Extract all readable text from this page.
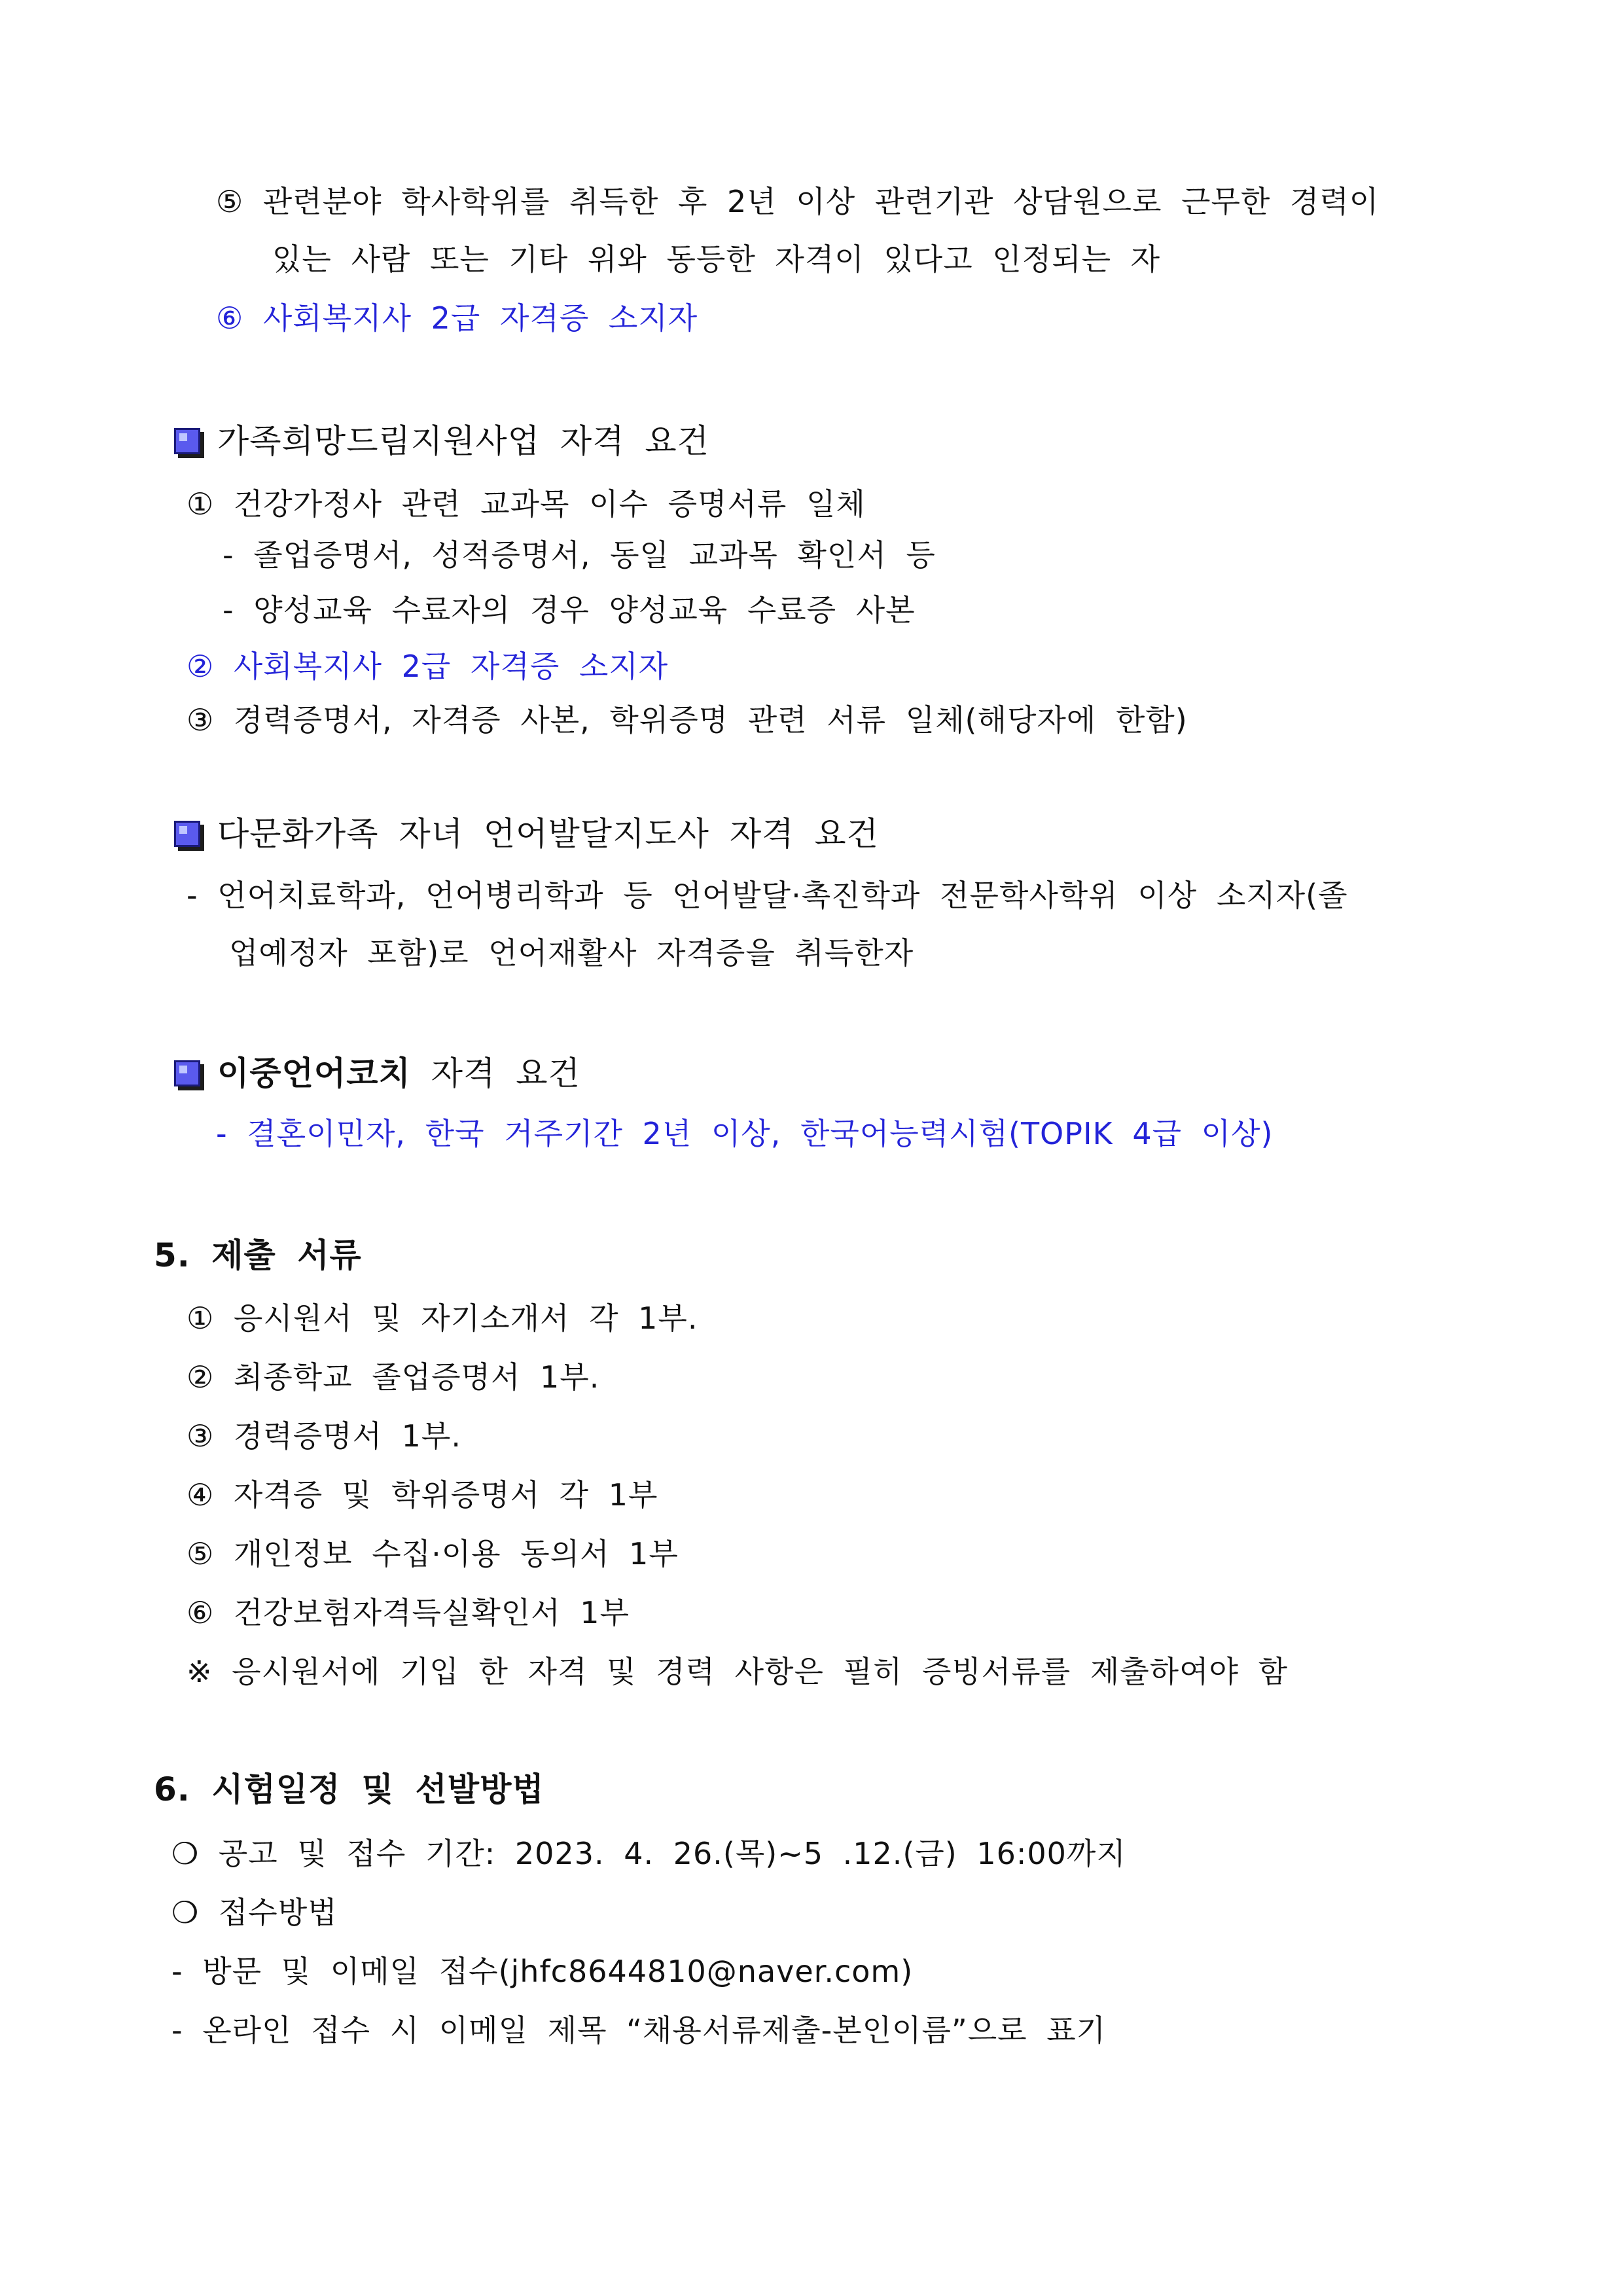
⑤ 관련분야 학사학위를 취득한 후 2년 이상 관련기관 상담원으로 근무한 경력이
있는 사람 또는 기타 위와 동등한 자격이 있다고 인정되는 자
⑥ 사회복지사 2급 자격증 소지자
가족희망드림지원사업 자격 요건
① 건강가정사 관련 교과목 이수 증명서류 일체
- 졸업증명서, 성적증명서, 동일 교과목 확인서 등
- 양성교육 수료자의 경우 양성교육 수료증 사본
② 사회복지사 2급 자격증 소지자
③ 경력증명서, 자격증 사본, 학위증명 관련 서류 일체(해당자에 한함)
다문화가족 자녀 언어발달지도사 자격 요건
- 언어치료학과, 언어병리학과 등 언어발달·촉진학과 전문학사학위 이상 소지자(졸
업예정자 포함)로 언어재활사 자격증을 취득한자
이중언어코치 자격 요건
- 결혼이민자, 한국 거주기간 2년 이상, 한국어능력시험(TOPIK 4급 이상)
5. 제출 서류
① 응시원서 및 자기소개서 각 1부.
② 최종학교 졸업증명서 1부.
③ 경력증명서 1부.
④ 자격증 및 학위증명서 각 1부
⑤ 개인정보 수집·이용 동의서 1부
⑥ 건강보험자격득실확인서 1부
※ 응시원서에 기입 한 자격 및 경력 사항은 필히 증빙서류를 제출하여야 함
6. 시험일정 및 선발방법
❍ 공고 및 접수 기간: 2023. 4. 26.(목)~5 .12.(금) 16:00까지
❍ 접수방법
- 방문 및 이메일 접수(jhfc8644810@naver.com)
- 온라인 접수 시 이메일 제목 “채용서류제출-본인이름”으로 표기
